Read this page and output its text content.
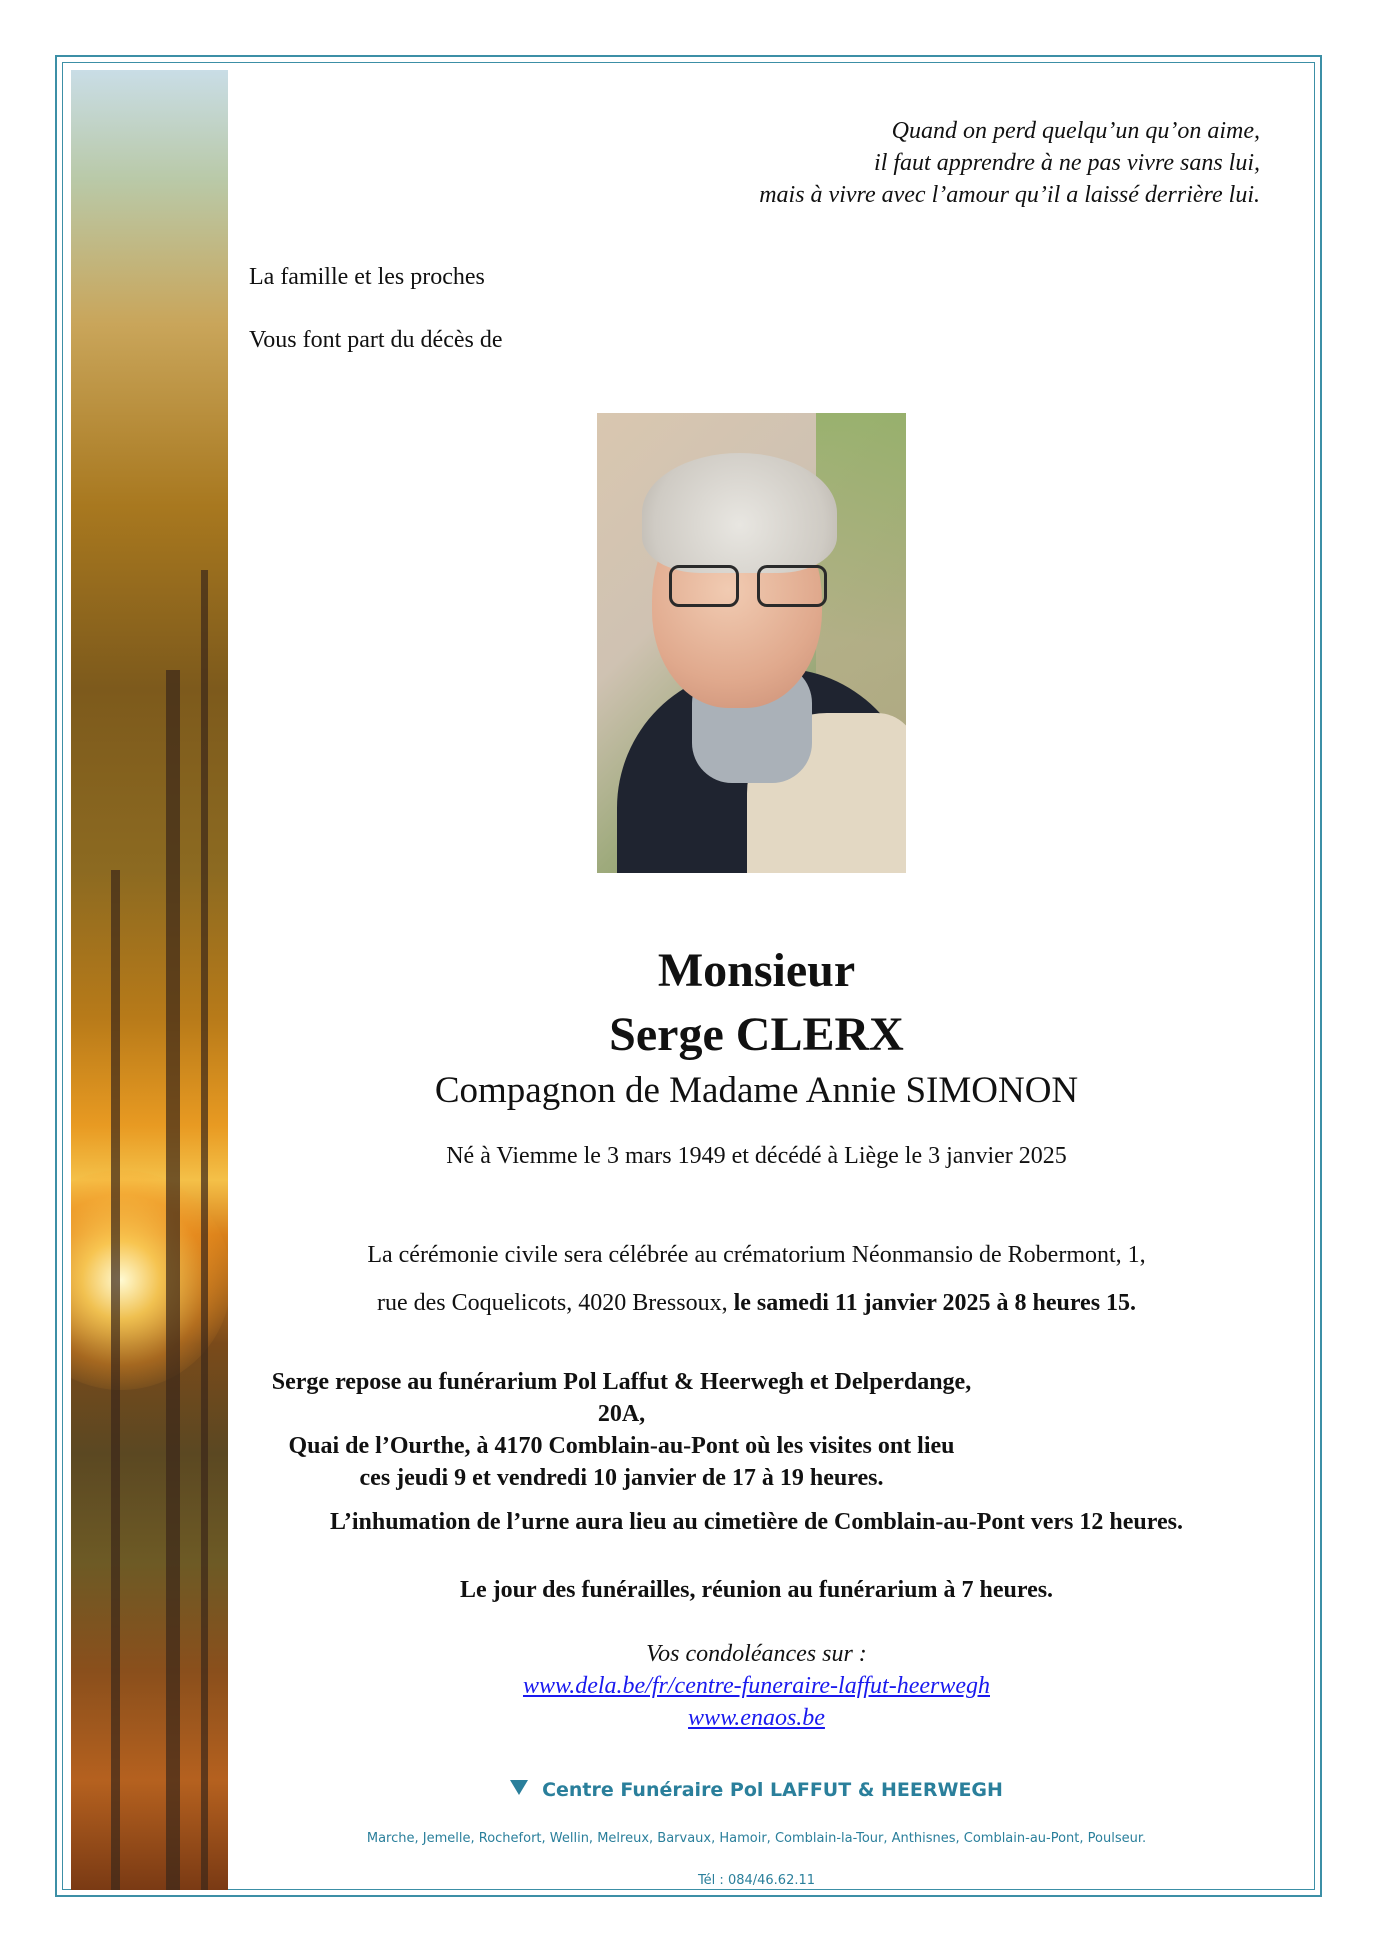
Quand on perd quelqu’un qu’on aime,
il faut apprendre à ne pas vivre sans lui,
mais à vivre avec l’amour qu’il a laissé derrière lui.
La famille et les proches
Vous font part du décès de
Monsieur
Serge CLERX
Compagnon de Madame Annie SIMONON
Né à Viemme le 3 mars 1949 et décédé à Liège le 3 janvier 2025
La cérémonie civile sera célébrée au crématorium Néonmansio de Robermont, 1,
rue des Coquelicots, 4020 Bressoux, le samedi 11 janvier 2025 à 8 heures 15.
Serge repose au funérarium Pol Laffut & Heerwegh et Delperdange, 20A,
Quai de l’Ourthe, à 4170 Comblain-au-Pont où les visites ont lieu
ces jeudi 9 et vendredi 10 janvier de 17 à 19 heures.
L’inhumation de l’urne aura lieu au cimetière de Comblain-au-Pont vers 12 heures.
Le jour des funérailles, réunion au funérarium à 7 heures.
Vos condoléances sur :
www.dela.be/fr/centre-funeraire-laffut-heerwegh
www.enaos.be
Centre Funéraire Pol LAFFUT & HEERWEGH
Marche, Jemelle, Rochefort, Wellin, Melreux, Barvaux, Hamoir, Comblain-la-Tour, Anthisnes, Comblain-au-Pont, Poulseur.
Tél : 084/46.62.11
